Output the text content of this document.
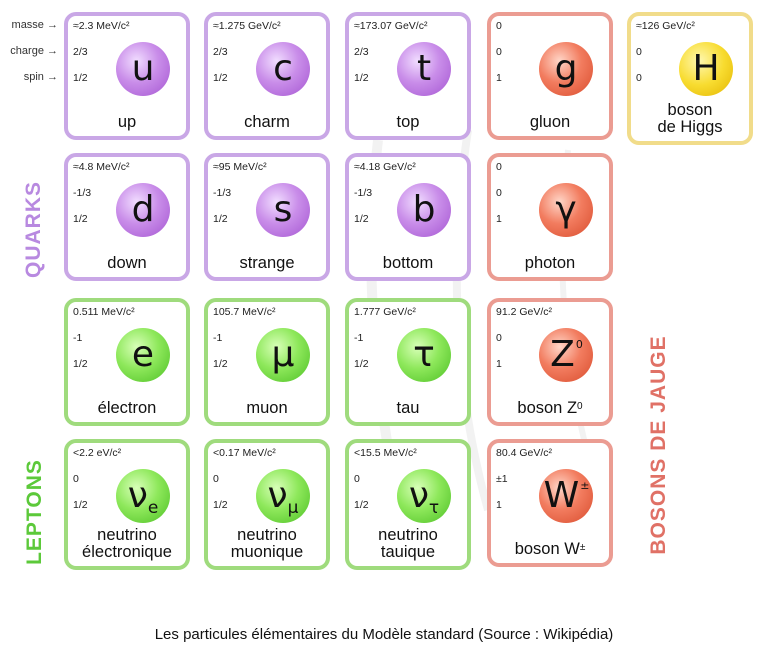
masse →
charge →
spin →
QUARKS
LEPTONS	BOSONS DE JAUGE
≈2.3 MeV/c²
2/3
1/2 u
up
≈1.275 GeV/c²
2/3
1/2 c
charm
≈173.07 GeV/c²
2/3
1/2 t
top
0
0
1 g
gluon
≈126 GeV/c²
0
0 H
boson
de Higgs
≈4.8 MeV/c²
-1/3
1/2 d
down
≈95 MeV/c²
-1/3
1/2 s
strange
≈4.18 GeV/c²
-1/3
1/2 b
bottom
0
0
1 γ
photon
0.511 MeV/c²
-1
1/2 e
électron
105.7 MeV/c²
-1
1/2 μ
muon
1.777 GeV/c²
-1
1/2 τ
tau
91.2 GeV/c²
0
1 $Z^0$
boson $Z^0$
<2.2 eV/c²
0
1/2 $\nu_e$
neutrino
électronique
<0.17 MeV/c²
0
1/2 $\nu_\mu$
neutrino
muonique
<15.5 MeV/c²
0
1/2 $\nu_\tau$
neutrino
tauique
80.4 GeV/c²
±1
1 W±
boson W±
Les particules élémentaires du Modèle standard (Source : Wikipédia)
